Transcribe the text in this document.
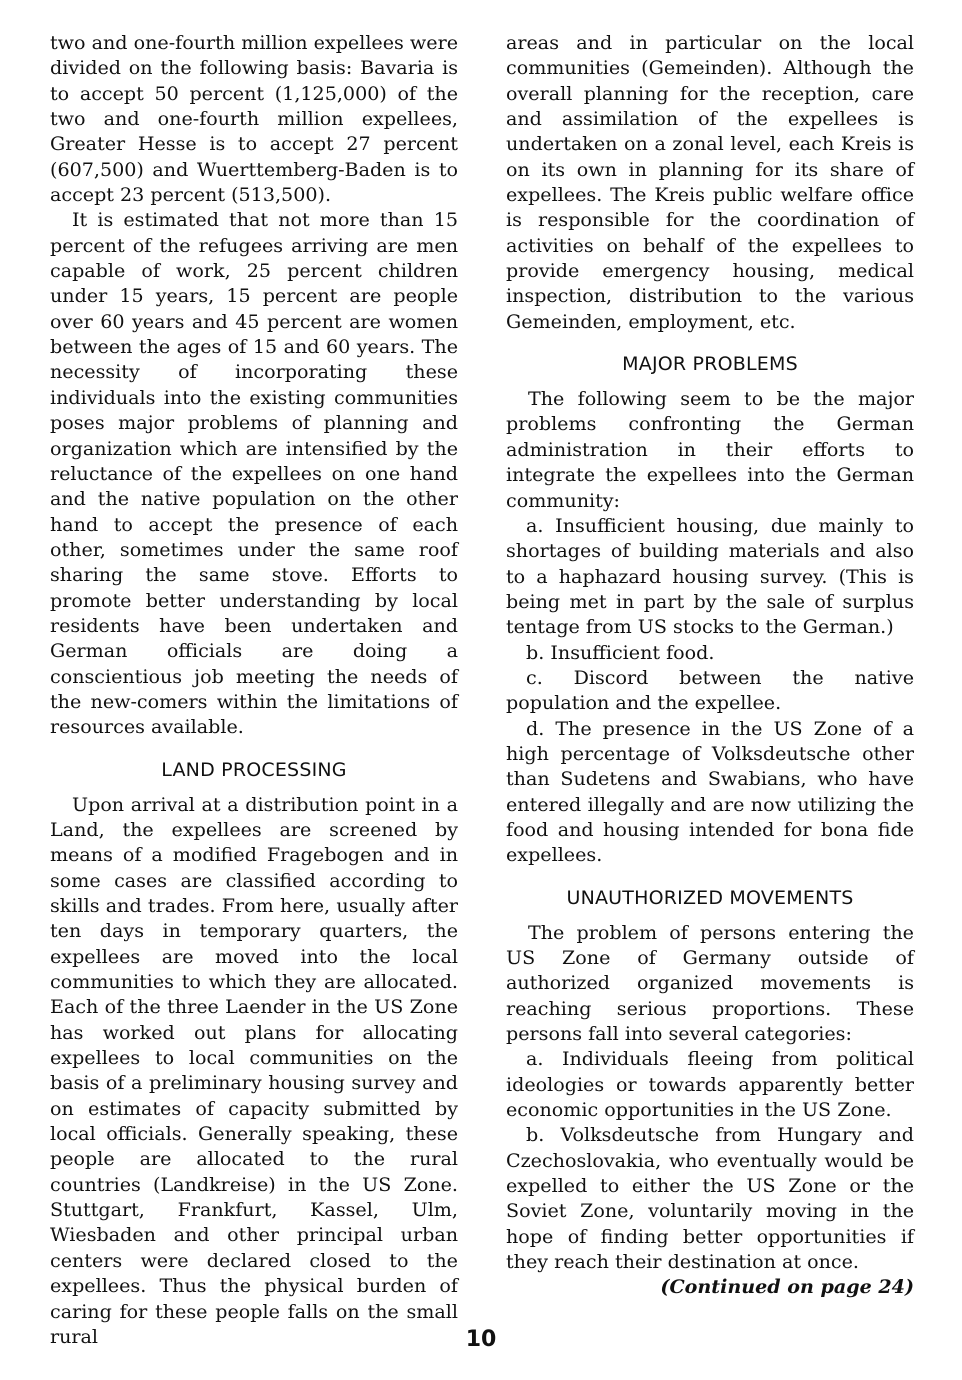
two and one-fourth million expellees were divided on the following basis: Bavaria is to accept 50 percent (1,125,000) of the two and one-fourth million expellees, Greater Hesse is to accept 27 percent (607,500) and Wuerttemberg-Baden is to accept 23 percent (513,500).

It is estimated that not more than 15 percent of the refugees arriving are men capable of work, 25 percent children under 15 years, 15 percent are people over 60 years and 45 percent are women between the ages of 15 and 60 years. The necessity of incorporating these individuals into the existing communities poses major problems of planning and organization which are intensified by the reluctance of the expellees on one hand and the native population on the other hand to accept the presence of each other, sometimes under the same roof sharing the same stove. Efforts to promote better understanding by local residents have been undertaken and German officials are doing a conscientious job meeting the needs of the new-comers within the limitations of resources available.

LAND PROCESSING

Upon arrival at a distribution point in a Land, the expellees are screened by means of a modified Fragebogen and in some cases are classified according to skills and trades. From here, usually after ten days in temporary quarters, the expellees are moved into the local communities to which they are allocated. Each of the three Laender in the US Zone has worked out plans for allocating expellees to local communities on the basis of a preliminary housing survey and on estimates of capacity submitted by local officials. Generally speaking, these people are allocated to the rural countries (Landkreise) in the US Zone. Stuttgart, Frankfurt, Kassel, Ulm, Wiesbaden and other principal urban centers were declared closed to the expellees. Thus the physical burden of caring for these people falls on the small rural

areas and in particular on the local communities (Gemeinden). Although the overall planning for the reception, care and assimilation of the expellees is undertaken on a zonal level, each Kreis is on its own in planning for its share of expellees. The Kreis public welfare office is responsible for the coordination of activities on behalf of the expellees to provide emergency housing, medical inspection, distribution to the various Gemeinden, employment, etc.

MAJOR PROBLEMS

The following seem to be the major problems confronting the German administration in their efforts to integrate the expellees into the German community:

a. Insufficient housing, due mainly to shortages of building materials and also to a haphazard housing survey. (This is being met in part by the sale of surplus tentage from US stocks to the German.)

b. Insufficient food.

c. Discord between the native population and the expellee.

d. The presence in the US Zone of a high percentage of Volksdeutsche other than Sudetens and Swabians, who have entered illegally and are now utilizing the food and housing intended for bona fide expellees.

UNAUTHORIZED MOVEMENTS

The problem of persons entering the US Zone of Germany outside of authorized organized movements is reaching serious proportions. These persons fall into several categories:

a. Individuals fleeing from political ideologies or towards apparently better economic opportunities in the US Zone.

b. Volksdeutsche from Hungary and Czechoslovakia, who eventually would be expelled to either the US Zone or the Soviet Zone, voluntarily moving in the hope of finding better opportunities if they reach their destination at once.

(Continued on page 24)

10
